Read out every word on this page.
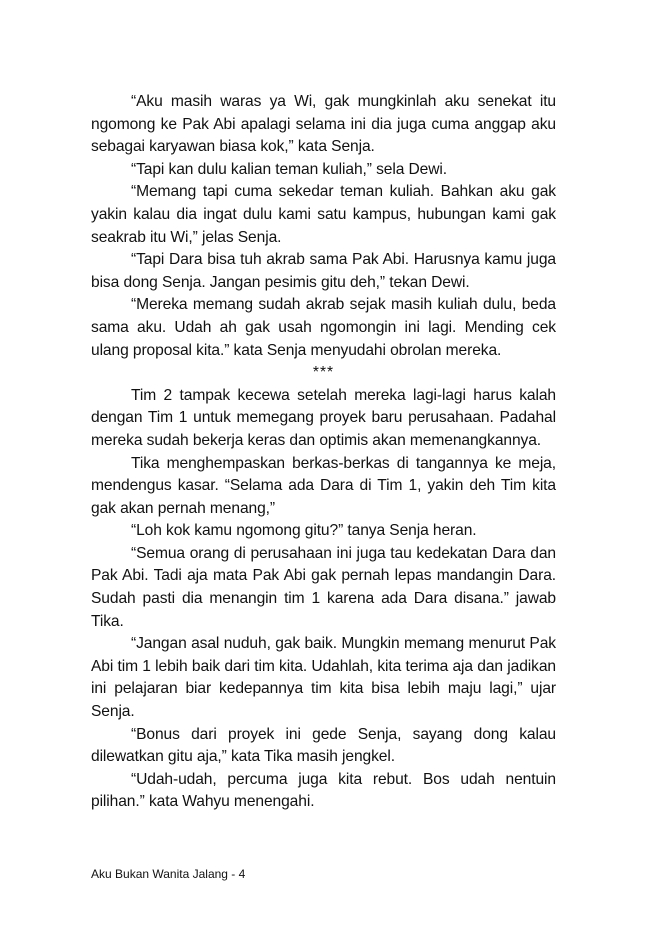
“Aku masih waras ya Wi, gak mungkinlah aku senekat itu ngomong ke Pak Abi apalagi selama ini dia juga cuma anggap aku sebagai karyawan biasa kok,” kata Senja.

“Tapi kan dulu kalian teman kuliah,” sela Dewi.

“Memang tapi cuma sekedar teman kuliah. Bahkan aku gak yakin kalau dia ingat dulu kami satu kampus, hubungan kami gak seakrab itu Wi,” jelas Senja.

“Tapi Dara bisa tuh akrab sama Pak Abi. Harusnya kamu juga bisa dong Senja. Jangan pesimis gitu deh,” tekan Dewi.

“Mereka memang sudah akrab sejak masih kuliah dulu, beda sama aku. Udah ah gak usah ngomongin ini lagi. Mending cek ulang proposal kita.” kata Senja menyudahi obrolan mereka.

***

Tim 2 tampak kecewa setelah mereka lagi-lagi harus kalah dengan Tim 1 untuk memegang proyek baru perusahaan. Padahal mereka sudah bekerja keras dan optimis akan memenangkannya.

Tika menghempaskan berkas-berkas di tangannya ke meja, mendengus kasar. “Selama ada Dara di Tim 1, yakin deh Tim kita gak akan pernah menang,”

“Loh kok kamu ngomong gitu?” tanya Senja heran.

“Semua orang di perusahaan ini juga tau kedekatan Dara dan Pak Abi. Tadi aja mata Pak Abi gak pernah lepas mandangin Dara. Sudah pasti dia menangin tim 1 karena ada Dara disana.” jawab Tika.

“Jangan asal nuduh, gak baik. Mungkin memang menurut Pak Abi tim 1 lebih baik dari tim kita. Udahlah, kita terima aja dan jadikan ini pelajaran biar kedepannya tim kita bisa lebih maju lagi,” ujar Senja.

“Bonus dari proyek ini gede Senja, sayang dong kalau dilewatkan gitu aja,” kata Tika masih jengkel.

“Udah-udah, percuma juga kita rebut. Bos udah nentuin pilihan.” kata Wahyu menengahi.

Aku Bukan Wanita Jalang - 4
